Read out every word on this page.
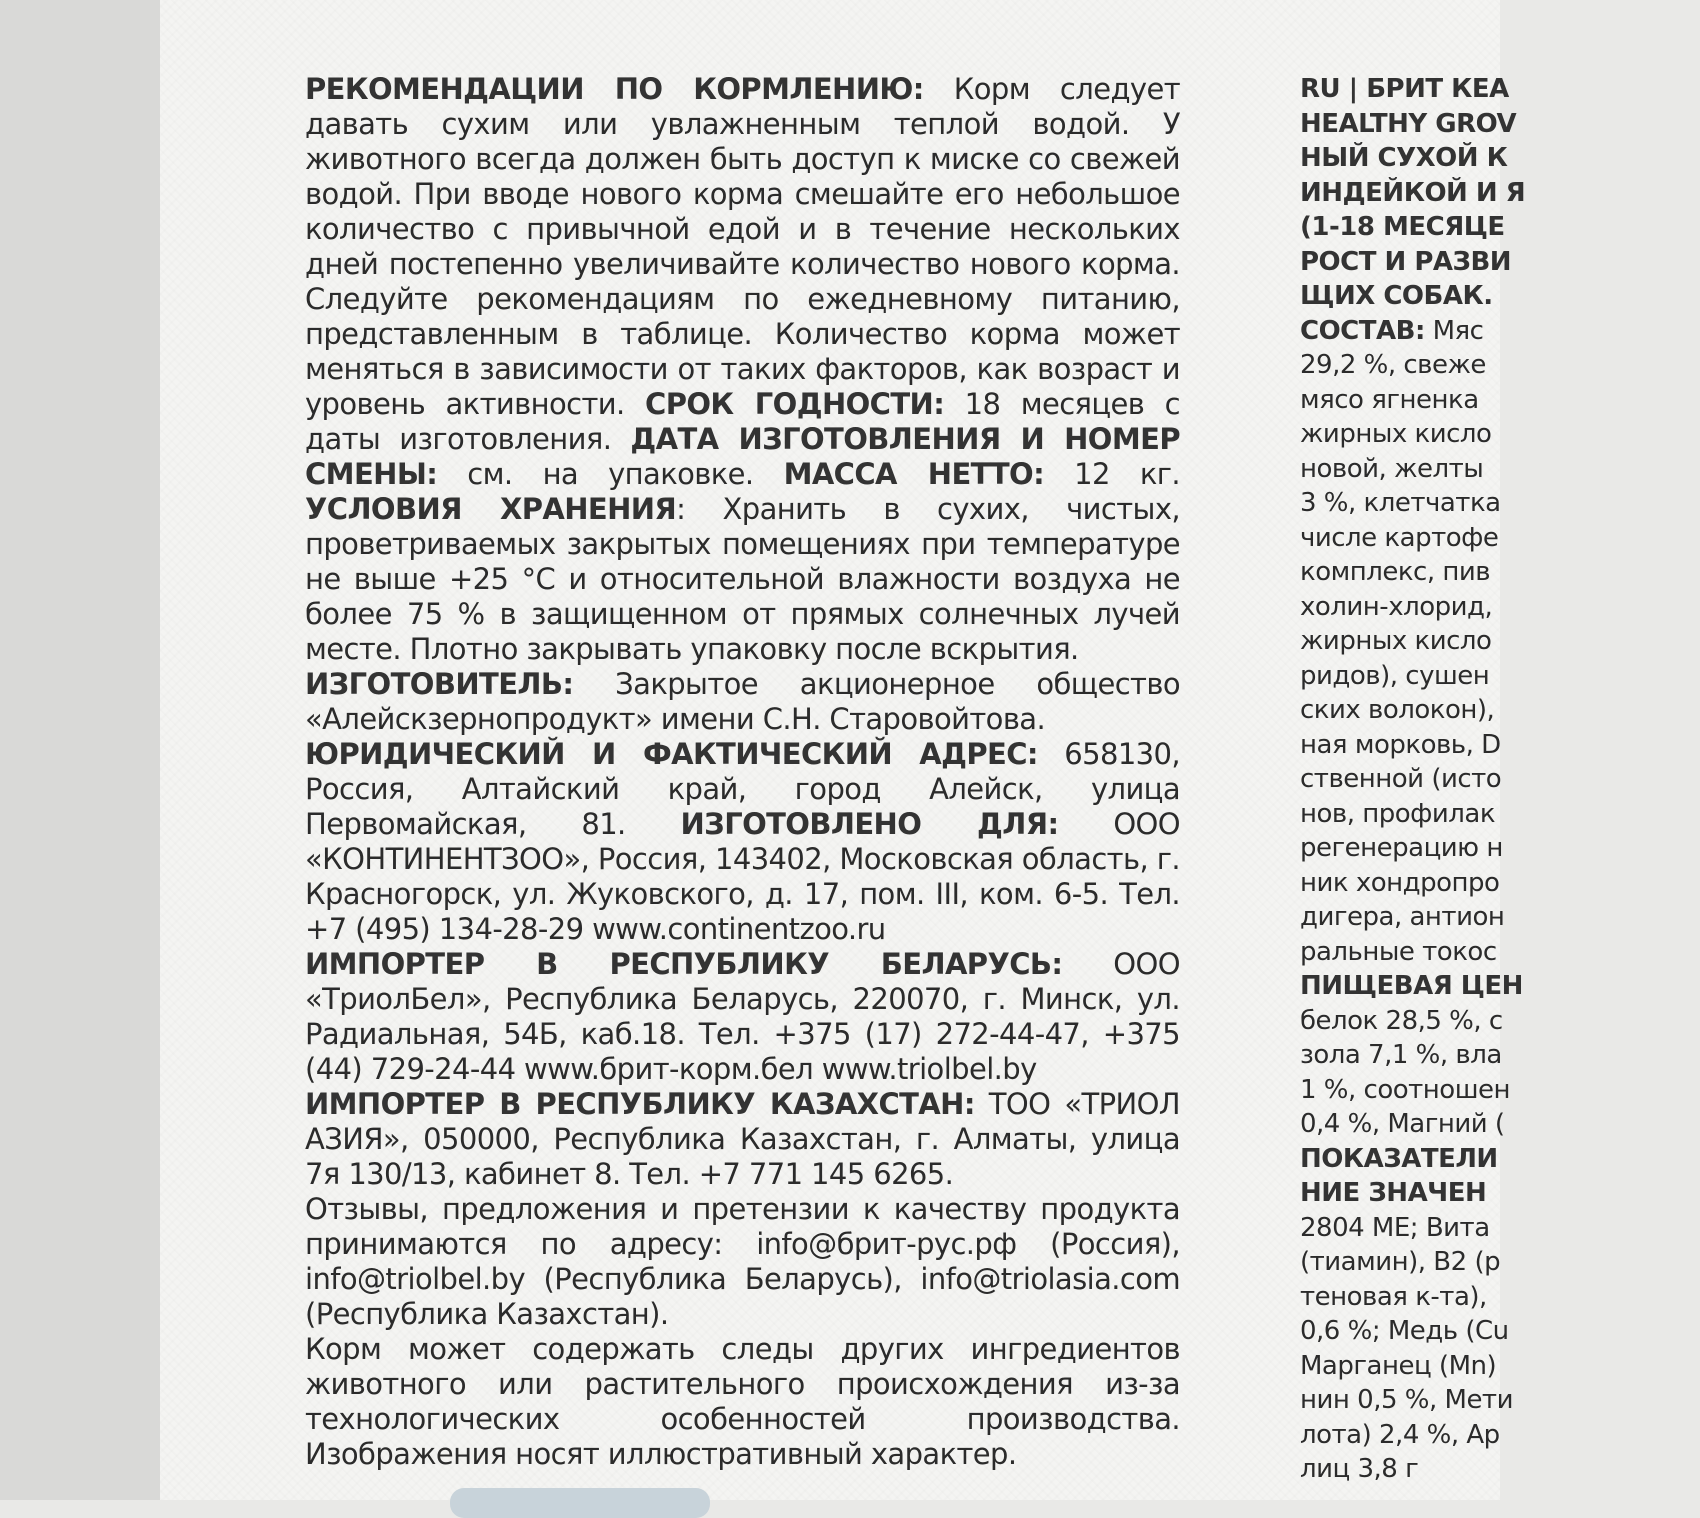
РЕКОМЕНДАЦИИ ПО КОРМЛЕНИЮ: Корм следует давать сухим или увлажненным теплой водой. У животного всегда должен быть доступ к миске со свежей водой. При вводе нового корма смешайте его небольшое количество с привычной едой и в течение нескольких дней постепенно увеличивайте количество нового корма. Следуйте рекомендациям по ежедневному питанию, представленным в таблице. Количество корма может меняться в зависимости от таких факторов, как возраст и уровень активности. СРОК ГОДНОСТИ: 18 месяцев с даты изготовления. ДАТА ИЗГОТОВЛЕНИЯ И НОМЕР СМЕНЫ: см. на упаковке. МАССА НЕТТО: 12 кг. УСЛОВИЯ ХРАНЕНИЯ: Хранить в сухих, чистых, проветриваемых закрытых помещениях при температуре не выше +25 °С и относительной влажности воздуха не более 75 % в защищенном от прямых солнечных лучей месте. Плотно закрывать упаковку после вскрытия.

ИЗГОТОВИТЕЛЬ: Закрытое акционерное общество «Алейскзернопродукт» имени С.Н. Старовойтова.

ЮРИДИЧЕСКИЙ И ФАКТИЧЕСКИЙ АДРЕС: 658130, Россия, Алтайский край, город Алейск, улица Первомайская, 81. ИЗГОТОВЛЕНО ДЛЯ: ООО «КОНТИНЕНТЗОО», Россия, 143402, Московская область, г. Красногорск, ул. Жуковского, д. 17, пом. III, ком. 6-5. Тел. +7 (495) 134-28-29 www.continentzoo.ru

ИМПОРТЕР В РЕСПУБЛИКУ БЕЛАРУСЬ: ООО «ТриолБел», Республика Беларусь, 220070, г. Минск, ул. Радиальная, 54Б, каб.18. Тел. +375 (17) 272-44-47, +375 (44) 729-24-44 www.брит-корм.бел www.triolbel.by

ИМПОРТЕР В РЕСПУБЛИКУ КАЗАХСТАН: ТОО «ТРИОЛ АЗИЯ», 050000, Республика Казахстан, г. Алматы, улица 7я 130/13, кабинет 8. Тел. +7 771 145 6265.

Отзывы, предложения и претензии к качеству продукта принимаются по адресу: info@брит-рус.рф (Россия), info@triolbel.by (Республика Беларусь), info@triolasia.com (Республика Казахстан).

Корм может содержать следы других ингредиентов животного или растительного происхождения из-за технологических особенностей производства. Изображения носят иллюстративный характер.

RU | БРИТ КЕА
HEALTHY GROV
НЫЙ СУХОЙ К
ИНДЕЙКОЙ И Я
(1-18 МЕСЯЦЕ
РОСТ И РАЗВИ
ЩИХ СОБАК.
СОСТАВ: Мяс
29,2 %, свеже
мясо ягненка
жирных кисло
новой, желты
3 %, клетчатка
числе картофе
комплекс, пив
холин-хлорид,
жирных кисло
ридов), сушен
ских волокон),
ная морковь, D
ственной (исто
нов, профилак
регенерацию н
ник хондропро
дигера, антион
ральные токос
ПИЩЕВАЯ ЦЕН
белок 28,5 %, с
зола 7,1 %, вла
1 %, соотношен
0,4 %, Магний (
ПОКАЗАТЕЛИ
НИЕ ЗНАЧЕН
2804 МЕ; Вита
(тиамин), В2 (р
теновая к-та),
0,6 %; Медь (Cu
Марганец (Mn)
нин 0,5 %, Мети
лота) 2,4 %, Ар
лиц 3,8 г
